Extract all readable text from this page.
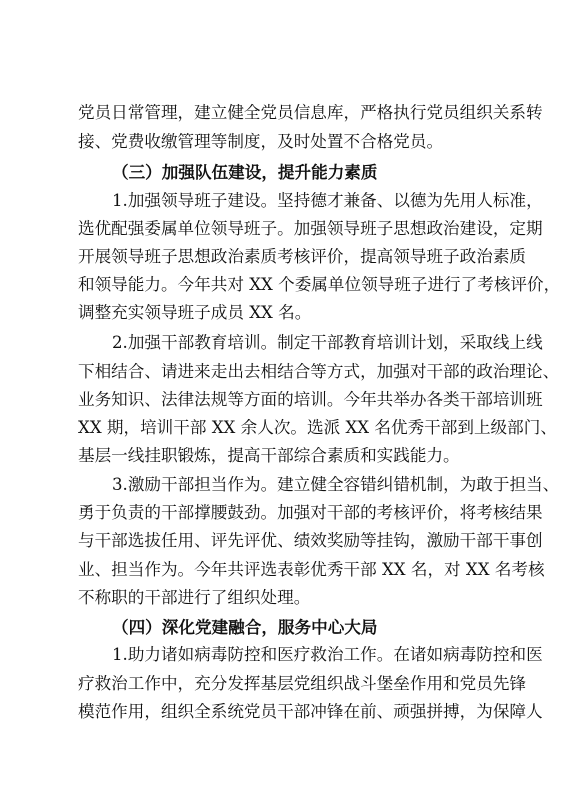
党员日常管理，建立健全党员信息库，严格执行党员组织关系转
接、党费收缴管理等制度，及时处置不合格党员。
（三）加强队伍建设，提升能力素质
1.加强领导班子建设。坚持德才兼备、以德为先用人标准，
选优配强委属单位领导班子。加强领导班子思想政治建设，定期
开展领导班子思想政治素质考核评价，提高领导班子政治素质
和领导能力。今年共对 XX 个委属单位领导班子进行了考核评价，
调整充实领导班子成员 XX 名。
2.加强干部教育培训。制定干部教育培训计划，采取线上线
下相结合、请进来走出去相结合等方式，加强对干部的政治理论、
业务知识、法律法规等方面的培训。今年共举办各类干部培训班
XX 期，培训干部 XX 余人次。选派 XX 名优秀干部到上级部门、
基层一线挂职锻炼，提高干部综合素质和实践能力。
3.激励干部担当作为。建立健全容错纠错机制，为敢于担当、
勇于负责的干部撑腰鼓劲。加强对干部的考核评价，将考核结果
与干部选拔任用、评先评优、绩效奖励等挂钩，激励干部干事创
业、担当作为。今年共评选表彰优秀干部 XX 名，对 XX 名考核
不称职的干部进行了组织处理。
（四）深化党建融合，服务中心大局
1.助力诸如病毒防控和医疗救治工作。在诸如病毒防控和医
疗救治工作中，充分发挥基层党组织战斗堡垒作用和党员先锋
模范作用，组织全系统党员干部冲锋在前、顽强拼搏，为保障人
